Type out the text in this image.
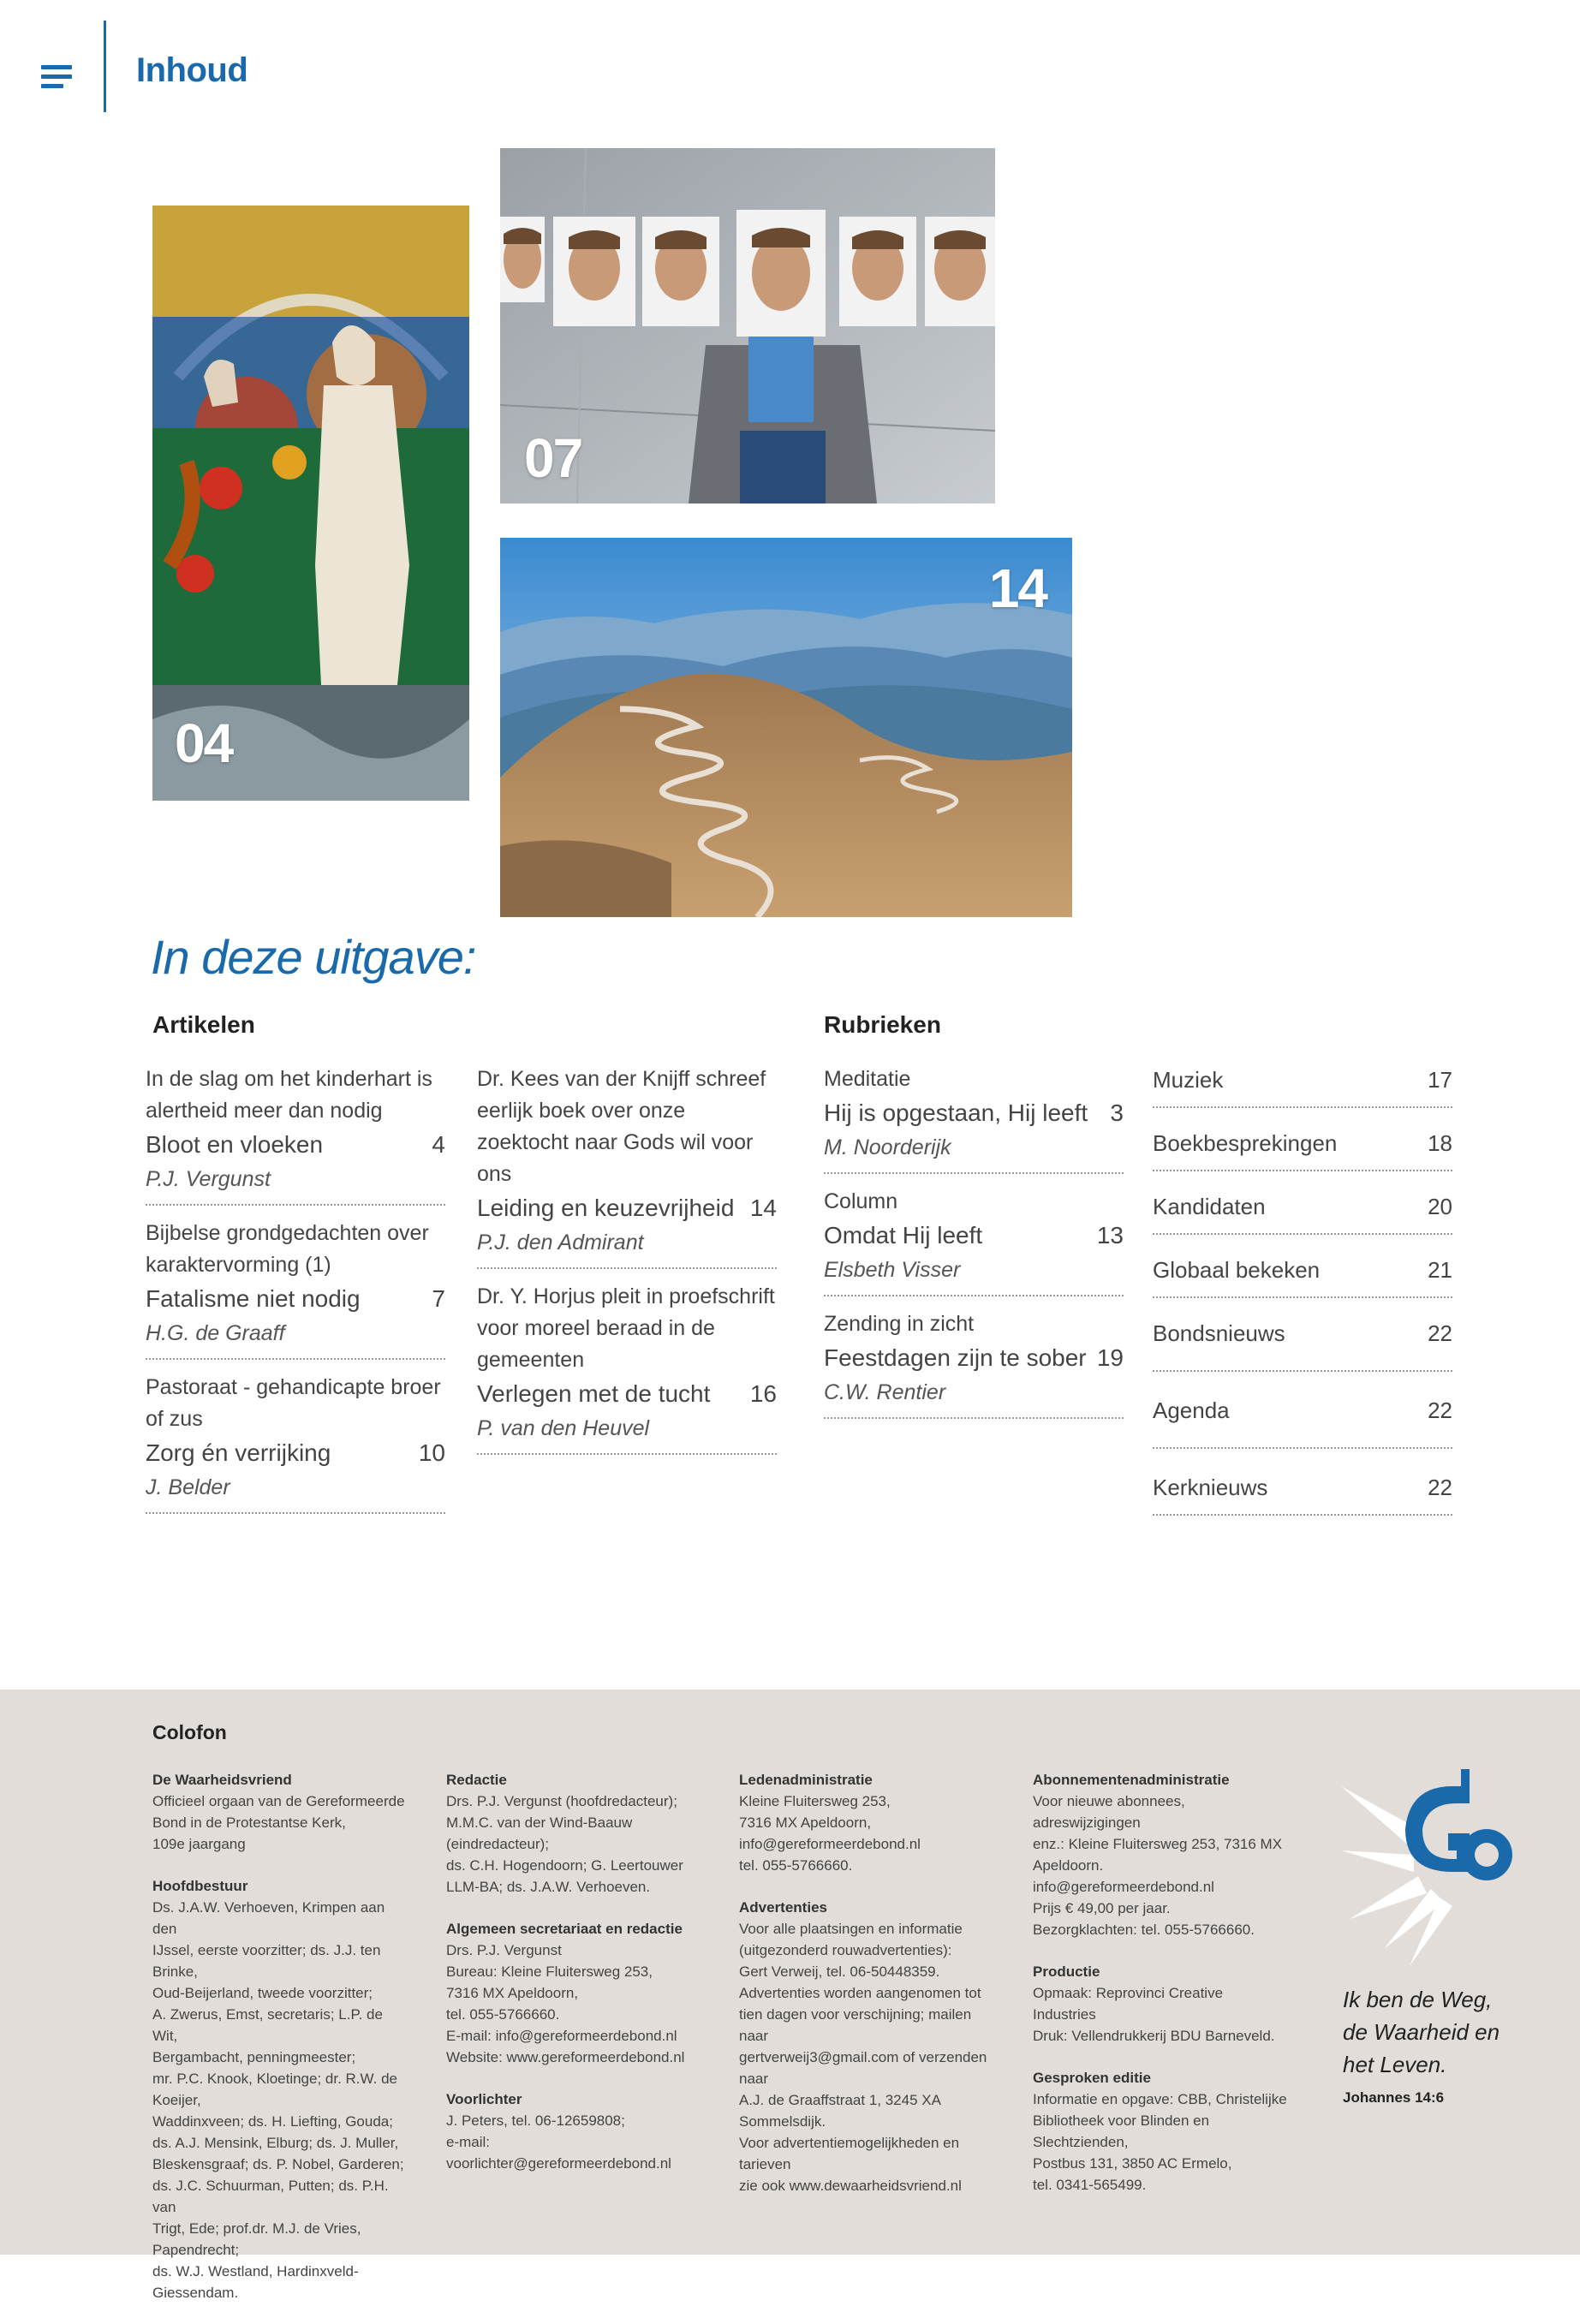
Inhoud
04
07
14
In deze uitgave:
Artikelen	Rubrieken
In de slag om het kinderhart is alertheid meer dan nodig
Bloot en vloeken	4
P.J. Vergunst
Bijbelse grondgedachten over karaktervorming (1)
Fatalisme niet nodig	7
H.G. de Graaff
Pastoraat - gehandicapte broer of zus
Zorg én verrijking	10
J. Belder
Dr. Kees van der Knijff schreef eerlijk boek over onze zoektocht naar Gods wil voor ons
Leiding en keuzevrijheid 14
P.J. den Admirant
Dr. Y. Horjus pleit in proefschrift voor moreel beraad in de gemeenten
Verlegen met de tucht 16
P. van den Heuvel
Meditatie
Hij is opgestaan, Hij leeft 3
M. Noorderijk
Column
Omdat Hij leeft	13
Elsbeth Visser
Zending in zicht
Feestdagen zijn te sober 19
C.W. Rentier
Muziek	17
Boekbesprekingen	18
Kandidaten	20
Globaal bekeken	21
Bondsnieuws	22
Agenda	22
Kerknieuws	22
Colofon

De Waarheidsvriend
Officieel orgaan van de Gereformeerde
Bond in de Protestantse Kerk,
109e jaargang

Hoofdbestuur
Ds. J.A.W. Verhoeven, Krimpen aan den
IJssel, eerste voorzitter; ds. J.J. ten Brinke,
Oud-Beijerland, tweede voorzitter;
A. Zwerus, Emst, secretaris; L.P. de Wit,
Bergambacht, penningmeester;
mr. P.C. Knook, Kloetinge; dr. R.W. de Koeijer,
Waddinxveen; ds. H. Liefting, Gouda;
ds. A.J. Mensink, Elburg; ds. J. Muller,
Bleskensgraaf; ds. P. Nobel, Garderen;
ds. J.C. Schuurman, Putten; ds. P.H. van
Trigt, Ede; prof.dr. M.J. de Vries, Papendrecht;
ds. W.J. Westland, Hardinxveld-Giessendam.

Redactie
Drs. P.J. Vergunst (hoofdredacteur);
M.M.C. van der Wind-Baauw (eindredacteur);
ds. C.H. Hogendoorn; G. Leertouwer
LLM-BA; ds. J.A.W. Verhoeven.

Algemeen secretariaat en redactie
Drs. P.J. Vergunst
Bureau: Kleine Fluitersweg 253,
7316 MX Apeldoorn,
tel. 055-5766660.
E-mail: info@gereformeerdebond.nl
Website: www.gereformeerdebond.nl

Voorlichter
J. Peters, tel. 06-12659808;
e-mail: voorlichter@gereformeerdebond.nl

Ledenadministratie
Kleine Fluitersweg 253,
7316 MX Apeldoorn,
info@gereformeerdebond.nl
tel. 055-5766660.

Advertenties
Voor alle plaatsingen en informatie
(uitgezonderd rouwadvertenties):
Gert Verweij, tel. 06-50448359.
Advertenties worden aangenomen tot
tien dagen voor verschijning; mailen naar
gertverweij3@gmail.com of verzenden naar
A.J. de Graaffstraat 1, 3245 XA Sommelsdijk.
Voor advertentiemogelijkheden en tarieven
zie ook www.dewaarheidsvriend.nl

Abonnementenadministratie
Voor nieuwe abonnees, adreswijzigingen
enz.: Kleine Fluitersweg 253, 7316 MX
Apeldoorn.
info@gereformeerdebond.nl
Prijs € 49,00 per jaar.
Bezorgklachten: tel. 055-5766660.

Productie
Opmaak: Reprovinci Creative Industries
Druk: Vellendrukkerij BDU Barneveld.

Gesproken editie
Informatie en opgave: CBB, Christelijke
Bibliotheek voor Blinden en Slechtzienden,
Postbus 131, 3850 AC Ermelo,
tel. 0341-565499.

Ik ben de Weg,
de Waarheid en
het Leven.
Johannes 14:6
